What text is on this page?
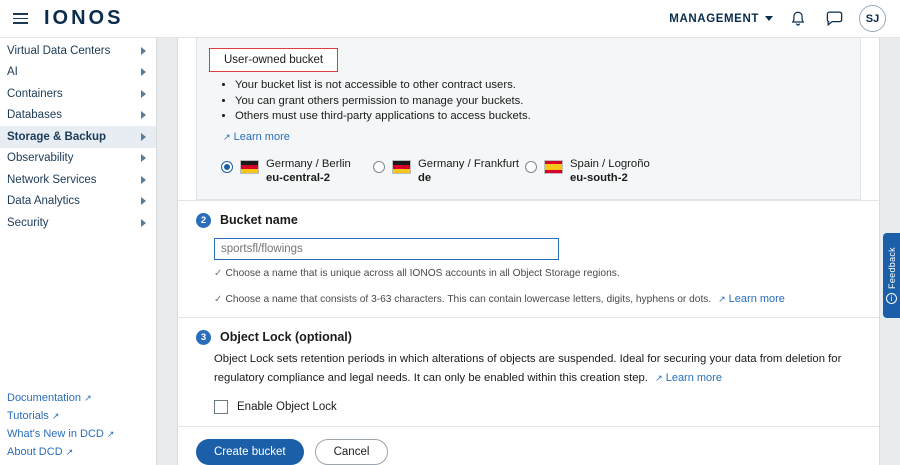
IONOS	MANAGEMENT	SJ
Virtual Data Centers
AI
Containers
Databases
Storage & Backup
Observability
Network Services
Data Analytics
Security
Documentation ↗
Tutorials ↗
What's New in DCD ↗
About DCD ↗
User-owned bucket
• Your bucket list is not accessible to other contract users.
• You can grant others permission to manage your buckets.
• Others must use third-party applications to access buckets.
↗ Learn more
Germany / Berlin
eu-central-2
Germany / Frankfurt
de
Spain / Logroño
eu-south-2
2	Bucket name
sportsfl/flowings
✓ Choose a name that is unique across all IONOS accounts in all Object Storage regions.
✓ Choose a name that consists of 3-63 characters. This can contain lowercase letters, digits, hyphens or dots. ↗ Learn more
3	Object Lock (optional)
Object Lock sets retention periods in which alterations of objects are suspended. Ideal for securing your data from deletion for regulatory compliance and legal needs. It can only be enabled within this creation step. ↗ Learn more
Enable Object Lock
Create bucket	Cancel
Feedback
i
